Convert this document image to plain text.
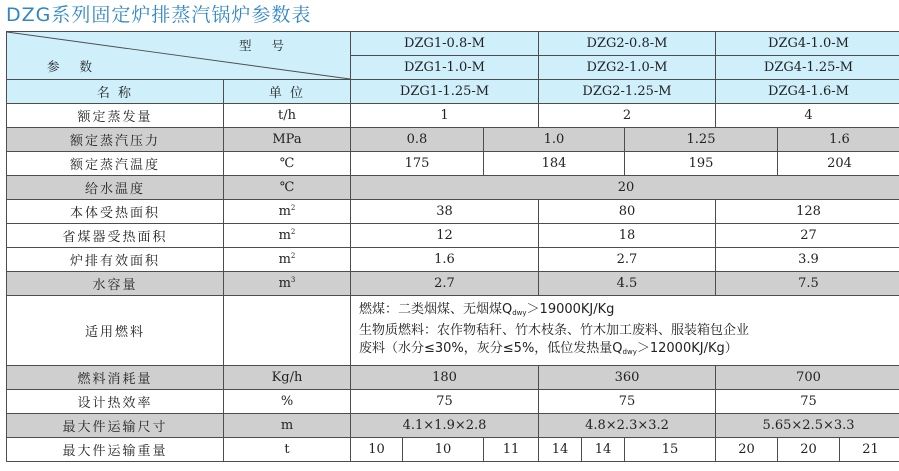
DZG系列固定炉排蒸汽锅炉参数表
型 号
参 数		DZG1-0.8-M			DZG2-0.8-M			DZG4-1.0-M		
		DZG1-1.0-M			DZG2-1.0-M			DZG4-1.25-M		
名 称	单 位	DZG1-1.25-M			DZG2-1.25-M			DZG4-1.6-M		
额定蒸发量	t/h	1			2			4		
额定蒸汽压力	MPa	0.8		1.0			1.25		1.6	
额定蒸汽温度	℃	175		184			195		204	
给水温度	℃	20								
本体受热面积	$m^2$	38			80			128		
省煤器受热面积	$m^2$	12			18			27		
炉排有效面积	$m^2$	1.6			2.7			3.9		
水容量	$m^3$	2.7			4.5			7.5		
适用燃料		燃煤：二类烟煤、无烟煤$Q_{dwy}>19000KJ/Kg$
生物质燃料：农作物秸秆、竹木枝条、竹木加工废料、服装箱包企业
废料（水分≤30%，灰分≤5%，低位发热量$Q_{dwy}>12000KJ/Kg$）								

燃料消耗量	Kg/h	180			360			700		
设计热效率	%	75			75			75		
最大件运输尺寸	m	4.1×1.9×2.8			4.8×2.3×3.2			5.65×2.5×3.3		
最大件运输重量	t	10	10	11	14	14	15	20	20	21
